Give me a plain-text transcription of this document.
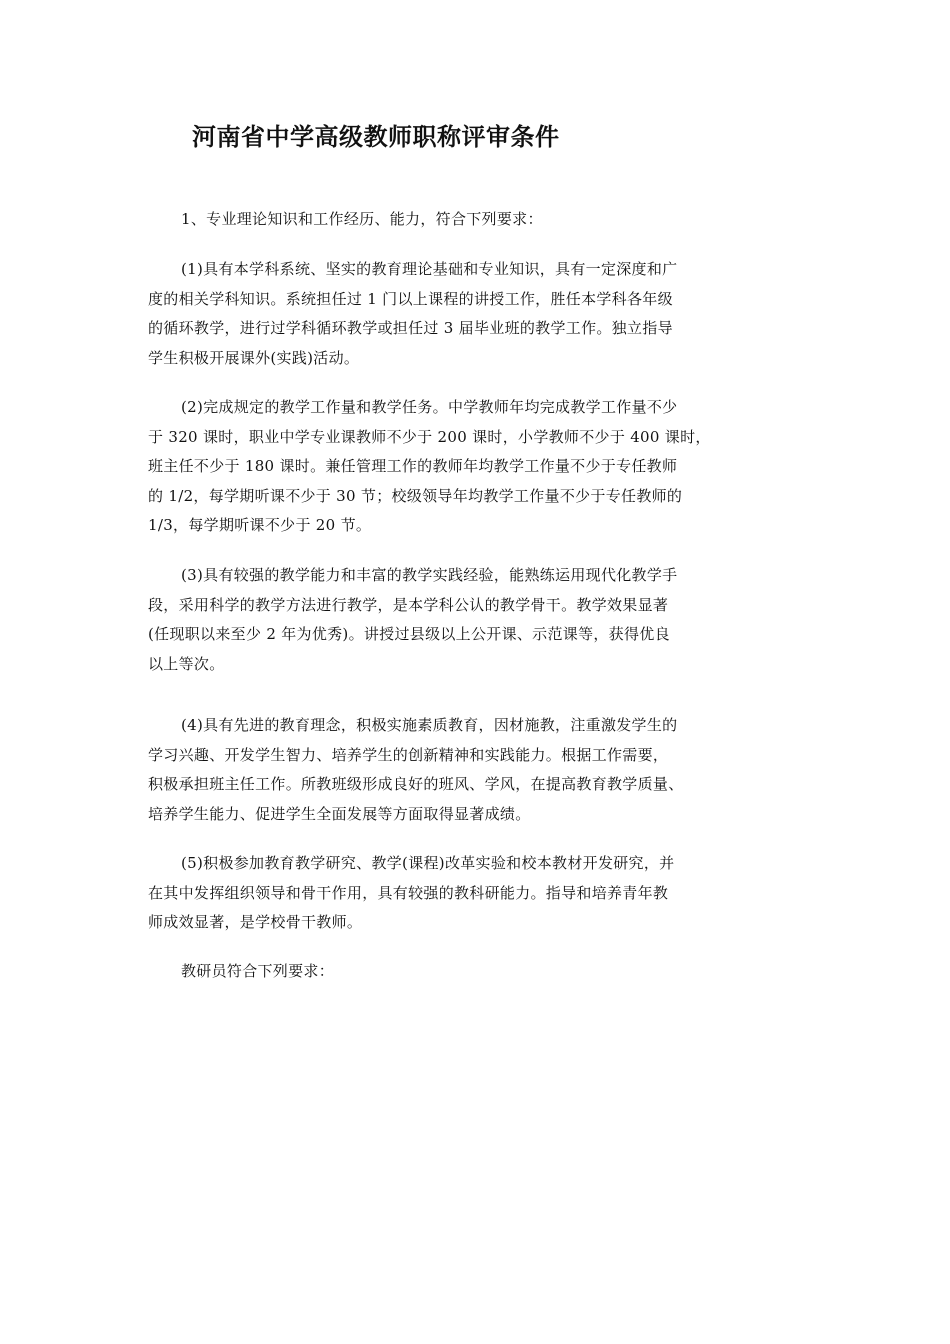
河南省中学高级教师职称评审条件
1、专业理论知识和工作经历、能力，符合下列要求：
(1)具有本学科系统、坚实的教育理论基础和专业知识，具有一定深度和广
度的相关学科知识。系统担任过 1 门以上课程的讲授工作，胜任本学科各年级
的循环教学，进行过学科循环教学或担任过 3 届毕业班的教学工作。独立指导
学生积极开展课外(实践)活动。
(2)完成规定的教学工作量和教学任务。中学教师年均完成教学工作量不少
于 320 课时，职业中学专业课教师不少于 200 课时，小学教师不少于 400 课时，
班主任不少于 180 课时。兼任管理工作的教师年均教学工作量不少于专任教师
的 1/2，每学期听课不少于 30 节；校级领导年均教学工作量不少于专任教师的
1/3，每学期听课不少于 20 节。
(3)具有较强的教学能力和丰富的教学实践经验，能熟练运用现代化教学手
段，采用科学的教学方法进行教学，是本学科公认的教学骨干。教学效果显著
(任现职以来至少 2 年为优秀)。讲授过县级以上公开课、示范课等，获得优良
以上等次。
(4)具有先进的教育理念，积极实施素质教育，因材施教，注重激发学生的
学习兴趣、开发学生智力、培养学生的创新精神和实践能力。根据工作需要，
积极承担班主任工作。所教班级形成良好的班风、学风，在提高教育教学质量、
培养学生能力、促进学生全面发展等方面取得显著成绩。
(5)积极参加教育教学研究、教学(课程)改革实验和校本教材开发研究，并
在其中发挥组织领导和骨干作用，具有较强的教科研能力。指导和培养青年教
师成效显著，是学校骨干教师。
教研员符合下列要求：
